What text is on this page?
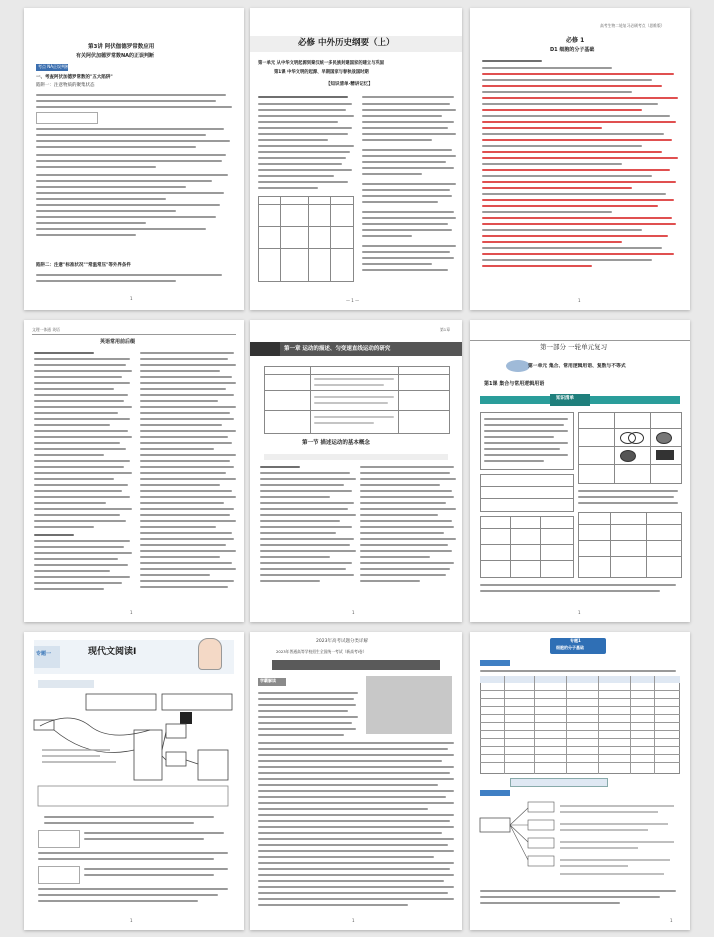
第3讲 阿伏伽德罗常数应用
有关阿伏加德罗常数NA的正误判断
考点 NA正误判断
一、考查阿伏加德罗常数的"五大陷阱"
陷阱一：注意物质的聚集状态
陷阱二：注意"标准状况""常温常压"等外界条件
1
必修 中外历史纲要（上）
第一单元 从中华文明起源到秦汉统一多民族封建国家的建立与巩固
第1课 中华文明的起源、早期国家与春秋战国时期
【知识清单·精讲记忆】
— 1 —
高考生物二轮复习必刷考点（思维版）
必修 1
D1 细胞的分子基础
1
文理一体通 英语
英语常用前后缀
1
第1章
第一章 运动的描述、匀变速直线运动的研究
第一节 描述运动的基本概念
1
第一部分 一轮单元复习
第一单元 集合、常用逻辑用语、复数与不等式
第1课 集合与常用逻辑用语
知识清单
1
专题一	现代文阅读Ⅰ
1
2023年高考试题分类详解
2023年普通高等学校招生全国统一考试（新高考Ⅰ卷）
学霸解读
1
专题1
细胞的分子基础
1
